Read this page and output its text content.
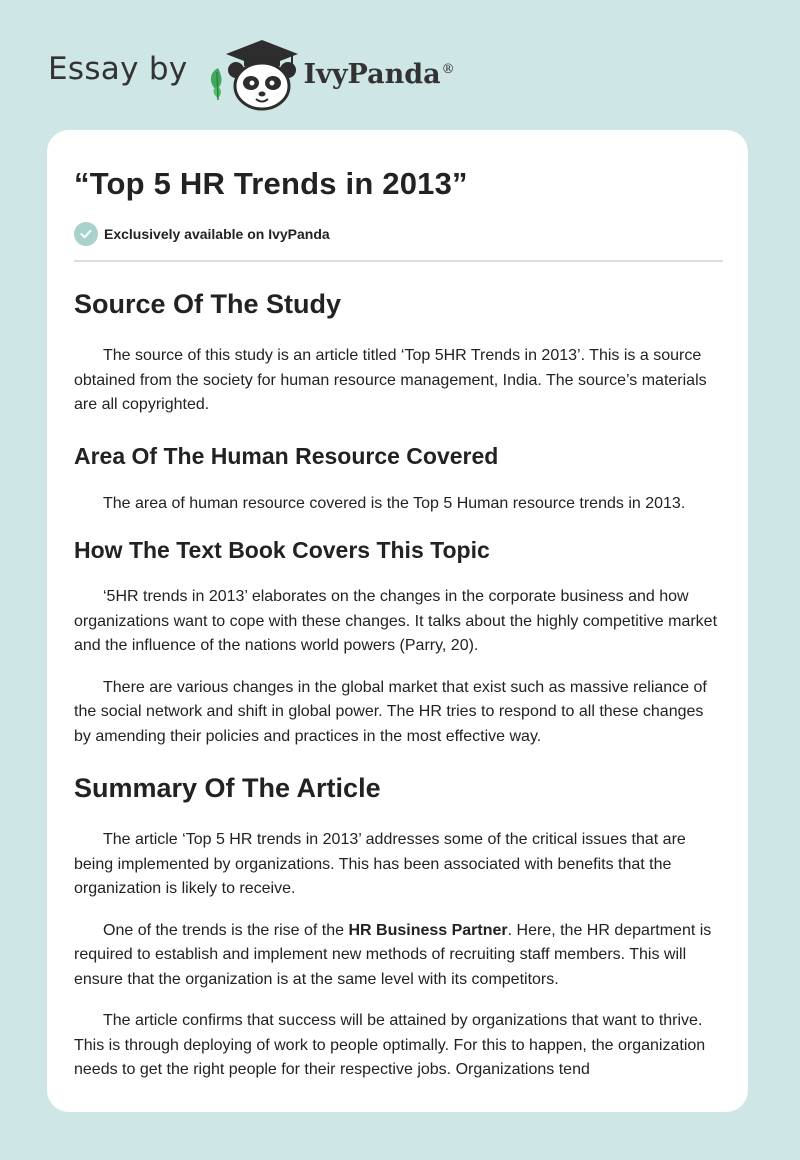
Essay by	IvyPanda®
“Top 5 HR Trends in 2013”
Exclusively available on IvyPanda
Source Of The Study

The source of this study is an article titled ‘Top 5HR Trends in 2013’. This is a source obtained from the society for human resource management, India. The source’s materials are all copyrighted.

Area Of The Human Resource Covered

The area of human resource covered is the Top 5 Human resource trends in 2013.

How The Text Book Covers This Topic

‘5HR trends in 2013’ elaborates on the changes in the corporate business and how organizations want to cope with these changes. It talks about the highly competitive market and the influence of the nations world powers (Parry, 20).

There are various changes in the global market that exist such as massive reliance of the social network and shift in global power. The HR tries to respond to all these changes by amending their policies and practices in the most effective way.

Summary Of The Article

The article ‘Top 5 HR trends in 2013’ addresses some of the critical issues that are being implemented by organizations. This has been associated with benefits that the organization is likely to receive.

One of the trends is the rise of the HR Business Partner. Here, the HR department is required to establish and implement new methods of recruiting staff members. This will ensure that the organization is at the same level with its competitors.

The article confirms that success will be attained by organizations that want to thrive. This is through deploying of work to people optimally. For this to happen, the organization needs to get the right people for their respective jobs. Organizations tend
